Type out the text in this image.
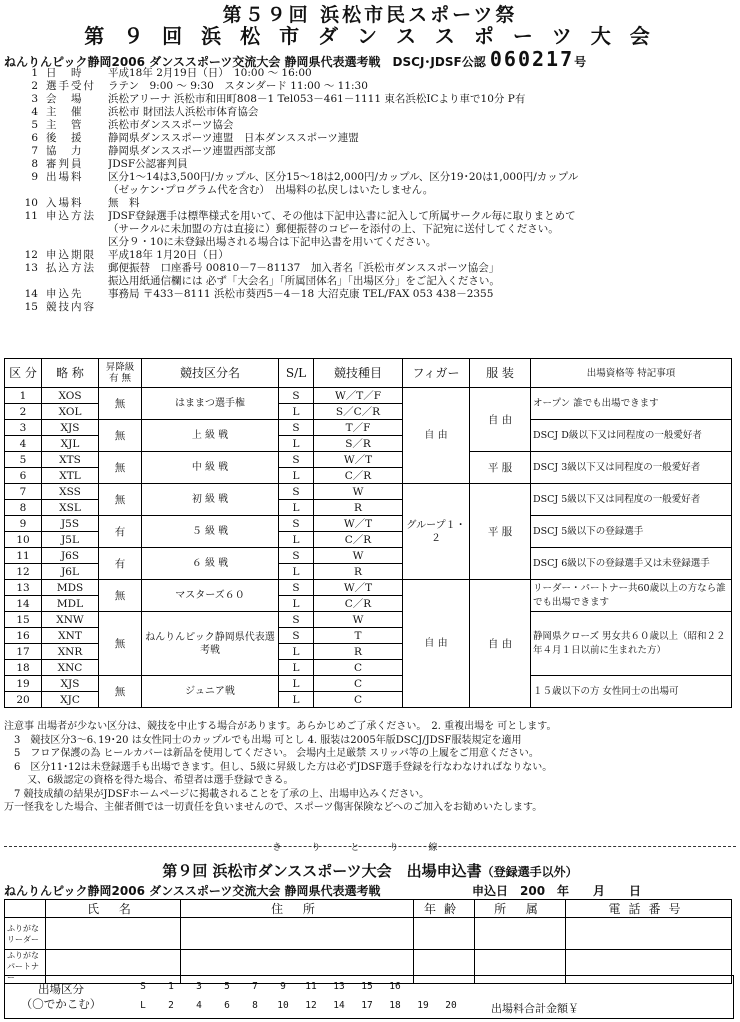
第５９回 浜松市民スポーツ祭
第 ９ 回 浜 松 市 ダ ン ス ス ポ ー ツ 大 会
ねんりんピック静岡2006 ダンススポーツ交流大会 静岡県代表選考戦　DSCJ･JDSF公認 060217号
1 日　時	平成18年 2月19日（日）　10:00 ～ 16:00
2 選手受付	ラテン　9:00 ～ 9:30　スタンダード 11:00 ～ 11:30
3 会　場	浜松アリーナ 浜松市和田町808－1 Tel053－461－1111 東名浜松ICより車で10分 P有
4 主　催	浜松市 財団法人浜松市体育協会
5 主　管	浜松市ダンススポーツ協会
6 後　援	静岡県ダンススポーツ連盟　日本ダンススポーツ連盟
7 協　力	静岡県ダンススポーツ連盟西部支部
8 審判員	JDSF公認審判員
9 出場料	区分1～14は3,500円/カップル、区分15～18は2,000円/カップル、区分19･20は1,000円/カップル
（ゼッケン･プログラム代を含む）　出場料の払戻しはいたしません。
10 入場料	無　料
11 申込方法	JDSF登録選手は標準様式を用いて、その他は下記申込書に記入して所属サークル毎に取りまとめて
（サークルに未加盟の方は直接に）郵便振替のコピーを添付の上、下記宛に送付してください。
区分９・10に未登録出場される場合は下記申込書を用いてください。
12 申込期限	平成18年 1月20日（日）
13 払込方法	郵便振替　口座番号 00810－7－81137　加入者名「浜松市ダンススポーツ協会」
振込用紙通信欄には 必ず「大会名」「所属団体名」「出場区分」をご記入ください。
14 申込先	事務局 〒433－8111 浜松市葵西5－4－18 大沼克康 TEL/FAX 053 438－2355
15 競技内容
区 分	略 称	昇降級 有 無	競技区分名	S/L	競技種目	フィガー	服 装	出場資格等 特記事項
1	XOS	無	はままつ選手権	S	W／T／F	自 由	自 由	オープン 誰でも出場できます
2	XOL			L	S／C／R			
3	XJS	無	上 級 戦	S	T／F			DSCJ D級以下又は同程度の一般愛好者
4	XJL			L	S／R			
5	XTS	無	中 級 戦	S	W／T		平 服	DSCJ 3級以下又は同程度の一般愛好者
6	XTL			L	C／R			
7	XSS	無	初 級 戦	S	W	グループ１・２	平 服	DSCJ 5級以下又は同程度の一般愛好者
8	XSL			L	R			
9	J5S	有	５ 級 戦	S	W／T			DSCJ 5級以下の登録選手
10	J5L			L	C／R			
11	J6S	有	６ 級 戦	S	W			DSCJ 6級以下の登録選手又は未登録選手
12	J6L			L	R			
13	MDS	無	マスターズ６０	S	W／T	自 由	自 由	リーダー・パートナー共60歳以上の方なら誰でも出場できます
14	MDL			L	C／R			
15	XNW	無	ねんりんピック静岡県代表選考戦	S	W			静岡県クローズ 男女共６０歳以上（昭和２２年４月１日以前に生まれた方）
16	XNT			S	T			
17	XNR			L	R			
18	XNC			L	C			
19	XJS	無	ジュニア戦	L	C			１５歳以下の方 女性同士の出場可
20	XJC			L	C			
注意事 出場者が少ない区分は、競技を中止する場合があります。あらかじめご了承ください。　2. 重複出場を 可とします。
　3　競技区分3～6､19･20 は女性同士のカップルでも出場 可とし 4. 服装は2005年版DSCJ/JDSF服装規定を適用
　5　フロア保護の為 ヒールカバーは新品を使用してください。 会場内土足厳禁 スリッパ等の上履をご用意ください。
　6　区分11･12は未登録選手も出場できます。但し、5級に昇級した方は必ずJDSF選手登録を行なわなければなりない。
　　 又、6級認定の資格を得た場合、希望者は選手登録できる。
　7 競技成績の結果がJDSFホームページに掲載されることを了承の上、出場申込みください。
万一怪我をした場合、主催者側では一切責任を負いませんので、スポーツ傷害保険などへのご加入をお勧めいたします。
きりとり線
第９回 浜松市ダンススポーツ大会　出場申込書（登録選手以外）
ねんりんピック静岡2006 ダンススポーツ交流大会 静岡県代表選考戦	申込日　200　年　　月　　日
	氏 名	住 所	年齢	所 属	電話番号
ふりがな リーダー					
ふりがな パートナー					
出場区分
（〇でかこむ）
S 1 3 5 7 9 11 13 15 16
L 2 4 6 8 10 12 14 17 18 19 20	出場料合計金額￥
